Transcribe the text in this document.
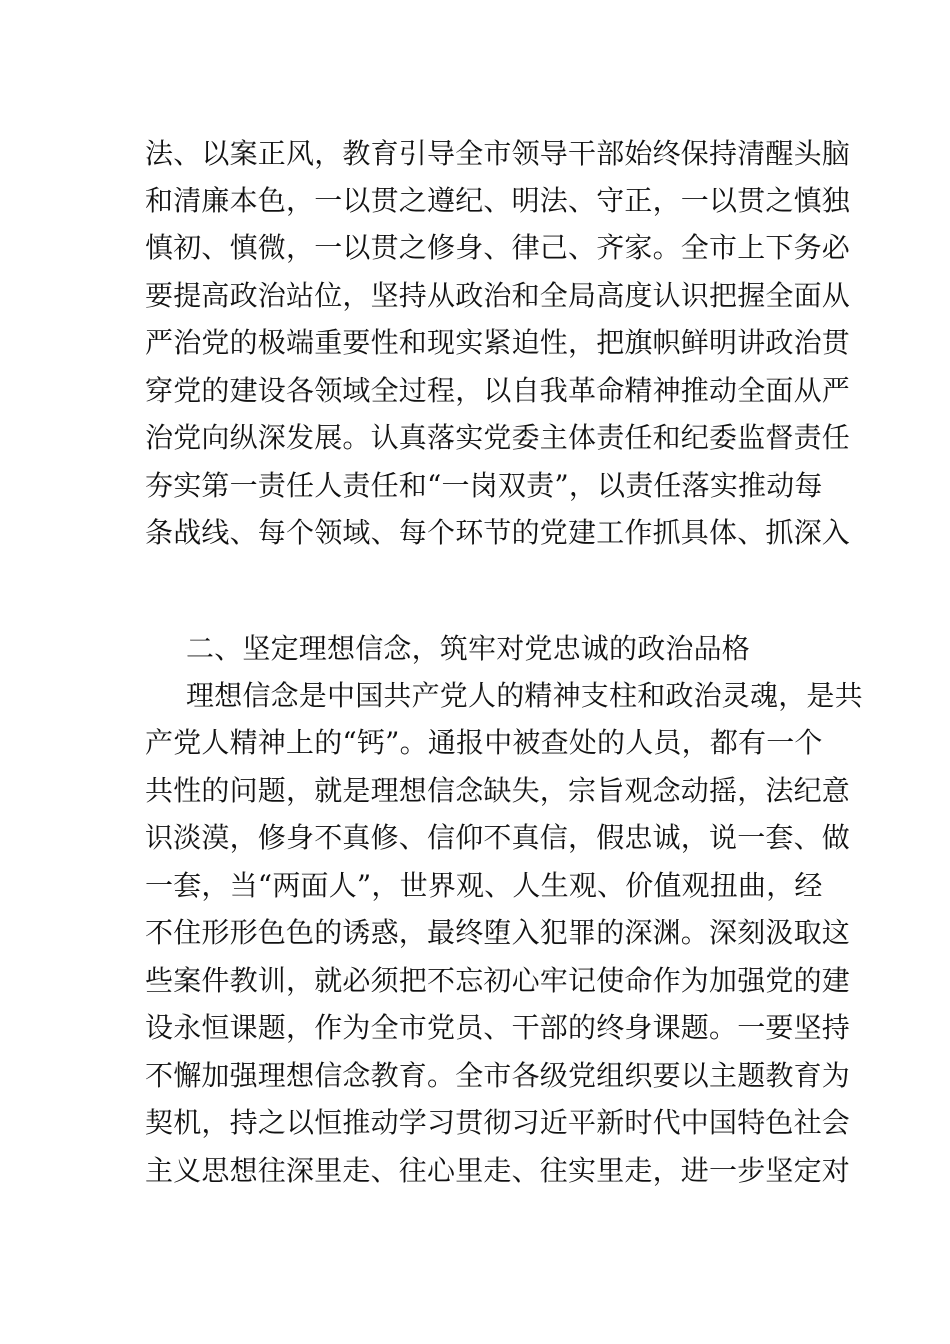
法、以案正风，教育引导全市领导干部始终保持清醒头脑
和清廉本色，一以贯之遵纪、明法、守正，一以贯之慎独
慎初、慎微，一以贯之修身、律己、齐家。全市上下务必
要提高政治站位，坚持从政治和全局高度认识把握全面从
严治党的极端重要性和现实紧迫性，把旗帜鲜明讲政治贯
穿党的建设各领域全过程，以自我革命精神推动全面从严
治党向纵深发展。认真落实党委主体责任和纪委监督责任
夯实第一责任人责任和“一岗双责”，以责任落实推动每
条战线、每个领域、每个环节的党建工作抓具体、抓深入
二、坚定理想信念，筑牢对党忠诚的政治品格
理想信念是中国共产党人的精神支柱和政治灵魂，是共
产党人精神上的“钙”。通报中被查处的人员，都有一个
共性的问题，就是理想信念缺失，宗旨观念动摇，法纪意
识淡漠，修身不真修、信仰不真信，假忠诚，说一套、做
一套，当“两面人”，世界观、人生观、价值观扭曲，经
不住形形色色的诱惑，最终堕入犯罪的深渊。深刻汲取这
些案件教训，就必须把不忘初心牢记使命作为加强党的建
设永恒课题，作为全市党员、干部的终身课题。一要坚持
不懈加强理想信念教育。全市各级党组织要以主题教育为
契机，持之以恒推动学习贯彻习近平新时代中国特色社会
主义思想往深里走、往心里走、往实里走，进一步坚定对
